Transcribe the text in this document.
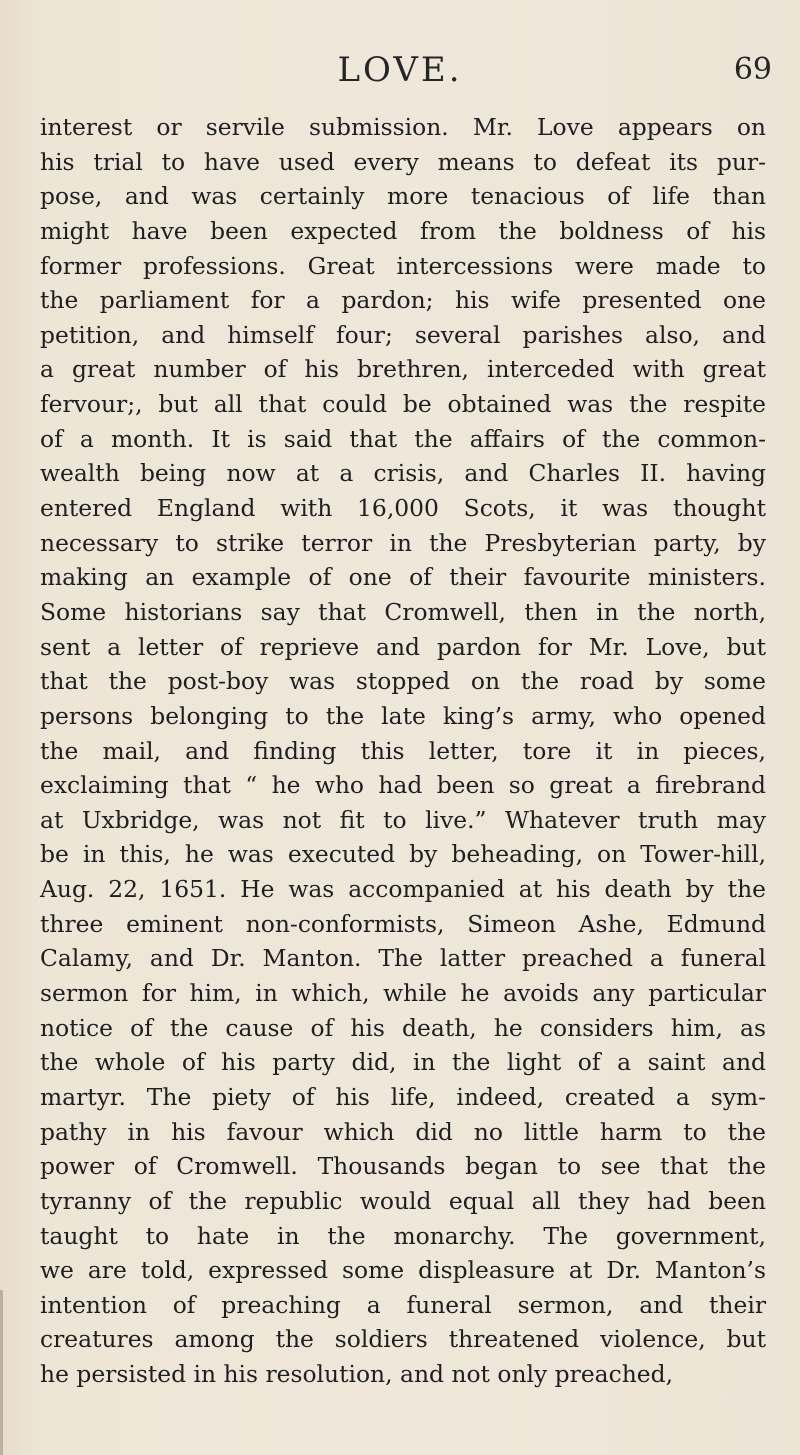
LOVE.	69
interest or servile submission. Mr. Love appears on
his trial to have used every means to defeat its pur-
pose, and was certainly more tenacious of life than
might have been expected from the boldness of his
former professions. Great intercessions were made to
the parliament for a pardon; his wife presented one
petition, and himself four; several parishes also, and
a great number of his brethren, interceded with great
fervour;, but all that could be obtained was the respite
of a month. It is said that the affairs of the common-
wealth being now at a crisis, and Charles II. having
entered England with 16,000 Scots, it was thought
necessary to strike terror in the Presbyterian party, by
making an example of one of their favourite ministers.
Some historians say that Cromwell, then in the north,
sent a letter of reprieve and pardon for Mr. Love, but
that the post-boy was stopped on the road by some
persons belonging to the late king’s army, who opened
the mail, and finding this letter, tore it in pieces,
exclaiming that “ he who had been so great a firebrand
at Uxbridge, was not fit to live.” Whatever truth may
be in this, he was executed by beheading, on Tower-hill,
Aug. 22, 1651. He was accompanied at his death by the
three eminent non-conformists, Simeon Ashe, Edmund
Calamy, and Dr. Manton. The latter preached a funeral
sermon for him, in which, while he avoids any particular
notice of the cause of his death, he considers him, as
the whole of his party did, in the light of a saint and
martyr. The piety of his life, indeed, created a sym-
pathy in his favour which did no little harm to the
power of Cromwell. Thousands began to see that the
tyranny of the republic would equal all they had been
taught to hate in the monarchy. The government,
we are told, expressed some displeasure at Dr. Manton’s
intention of preaching a funeral sermon, and their
creatures among the soldiers threatened violence, but
he persisted in his resolution, and not only preached,
